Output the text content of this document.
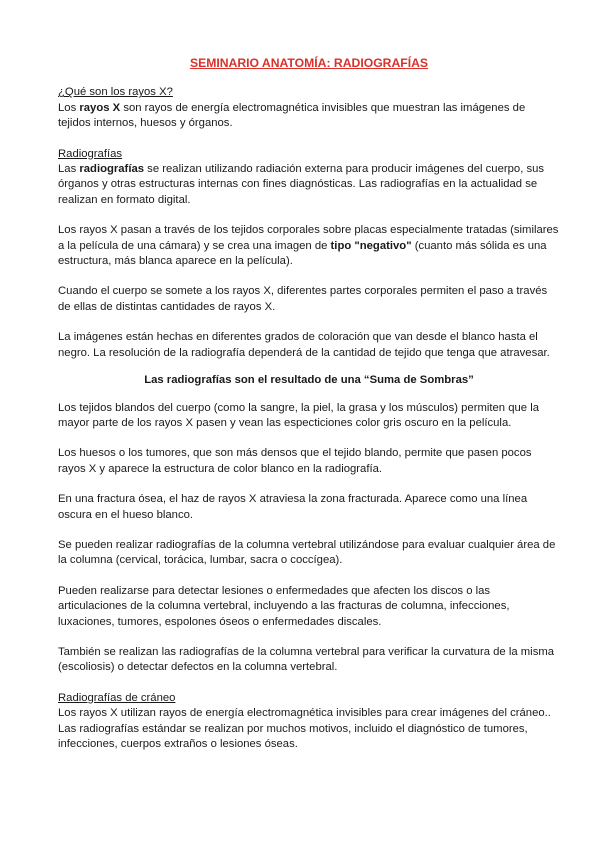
SEMINARIO ANATOMÍA: RADIOGRAFÍAS

¿Qué son los rayos X?

Los rayos X son rayos de energía electromagnética invisibles que muestran las imágenes de tejidos internos, huesos y órganos.

Radiografías

Las radiografías se realizan utilizando radiación externa para producir imágenes del cuerpo, sus órganos y otras estructuras internas con fines diagnósticas. Las radiografías en la actualidad se realizan en formato digital.

Los rayos X pasan a través de los tejidos corporales sobre placas especialmente tratadas (similares a la película de una cámara) y se crea una imagen de tipo "negativo" (cuanto más sólida es una estructura, más blanca aparece en la película).

Cuando el cuerpo se somete a los rayos X, diferentes partes corporales permiten el paso a través de ellas de distintas cantidades de rayos X.

La imágenes están hechas en diferentes grados de coloración que van desde el blanco hasta el negro. La resolución de la radiografía dependerá de la cantidad de tejido que tenga que atravesar.

Las radiografías son el resultado de una “Suma de Sombras”

Los tejidos blandos del cuerpo (como la sangre, la piel, la grasa y los músculos) permiten que la mayor parte de los rayos X pasen y vean las especticiones color gris oscuro en la película.

Los huesos o los tumores, que son más densos que el tejido blando, permite que pasen pocos rayos X y aparece la estructura de color blanco en la radiografía.

En una fractura ósea, el haz de rayos X atraviesa la zona fracturada. Aparece como una línea oscura en el hueso blanco.

Se pueden realizar radiografías de la columna vertebral utilizándose para evaluar cualquier área de la columna (cervical, torácica, lumbar, sacra o coccígea).

Pueden realizarse para detectar lesiones o enfermedades que afecten los discos o las articulaciones de la columna vertebral, incluyendo a las fracturas de columna, infecciones, luxaciones, tumores, espolones óseos o enfermedades discales.

También se realizan las radiografías de la columna vertebral para verificar la curvatura de la misma (escoliosis) o detectar defectos en la columna vertebral.

Radiografías de cráneo

Los rayos X utilizan rayos de energía electromagnética invisibles para crear imágenes del cráneo.. Las radiografías estándar se realizan por muchos motivos, incluido el diagnóstico de tumores, infecciones, cuerpos extraños o lesiones óseas.
